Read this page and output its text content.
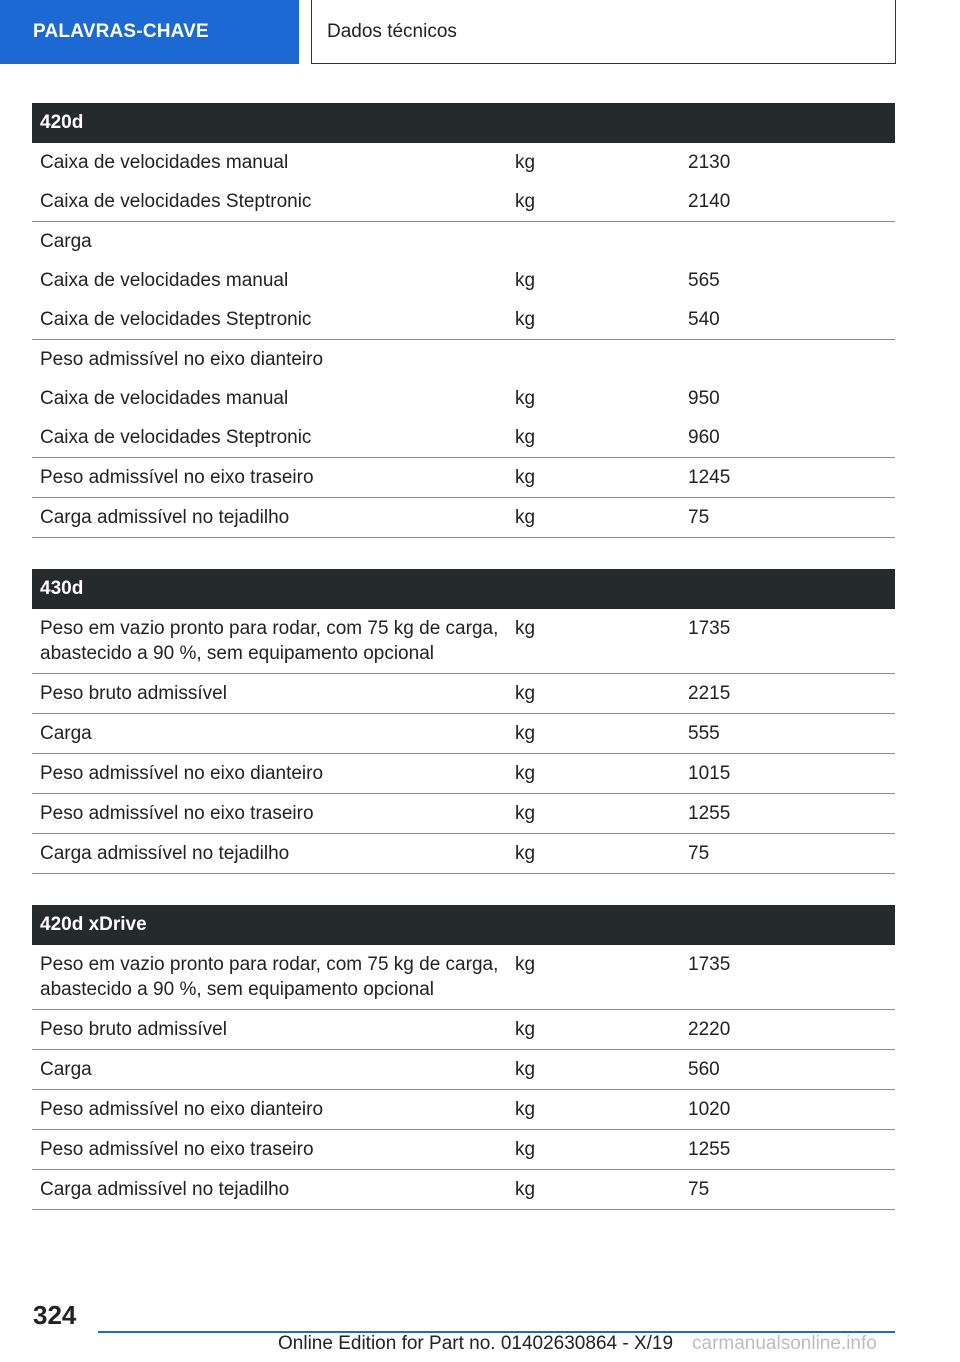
PALAVRAS-CHAVE	Dados técnicos
420d		
Caixa de velocidades manual	kg	2130
Caixa de velocidades Steptronic	kg	2140
Carga		
Caixa de velocidades manual	kg	565
Caixa de velocidades Steptronic	kg	540
Peso admissível no eixo dianteiro		
Caixa de velocidades manual	kg	950
Caixa de velocidades Steptronic	kg	960
Peso admissível no eixo traseiro	kg	1245
Carga admissível no tejadilho	kg	75
430d		
Peso em vazio pronto para rodar, com 75 kg de carga, abastecido a 90 %, sem equipamento opcional	kg	1735
Peso bruto admissível	kg	2215
Carga	kg	555
Peso admissível no eixo dianteiro	kg	1015
Peso admissível no eixo traseiro	kg	1255
Carga admissível no tejadilho	kg	75
420d xDrive		
Peso em vazio pronto para rodar, com 75 kg de carga, abastecido a 90 %, sem equipamento opcional	kg	1735
Peso bruto admissível	kg	2220
Carga	kg	560
Peso admissível no eixo dianteiro	kg	1020
Peso admissível no eixo traseiro	kg	1255
Carga admissível no tejadilho	kg	75
324
Online Edition for Part no. 01402630864 - X/19 carmanualsonline.info
